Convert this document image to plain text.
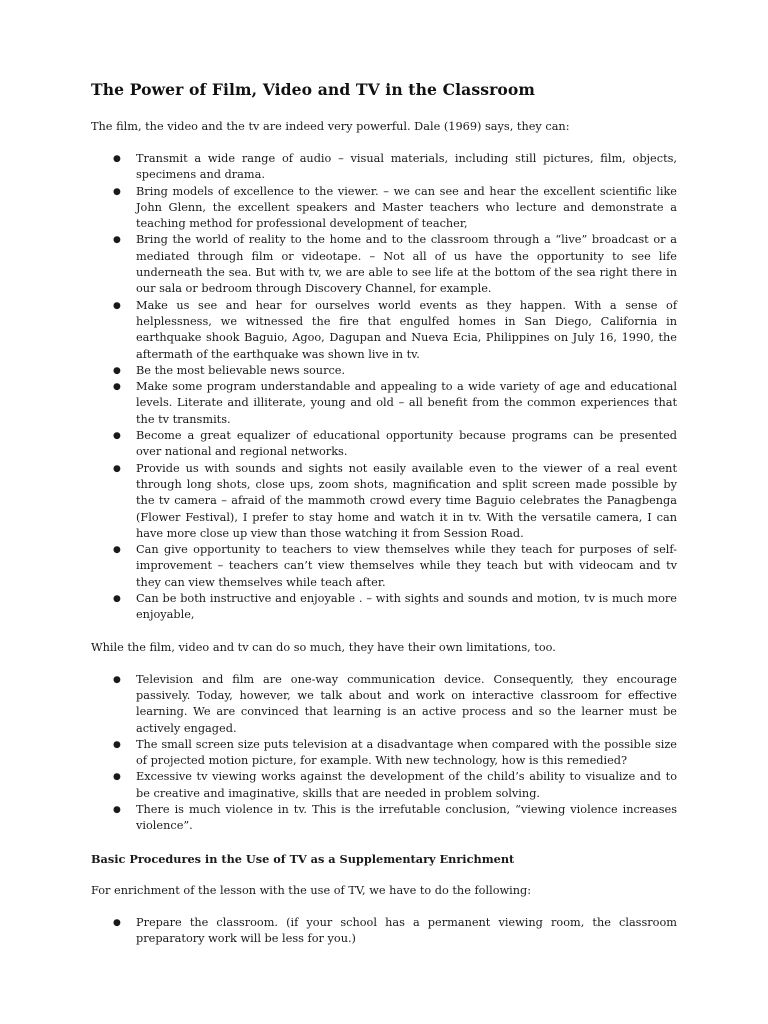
The Power of Film, Video and TV in the Classroom

The film, the video and the tv are indeed very powerful. Dale (1969) says, they can:

● Transmit a wide range of audio – visual materials, including still pictures, film, objects, specimens and drama.
● Bring models of excellence to the viewer. – we can see and hear the excellent scientific like John Glenn, the excellent speakers and Master teachers who lecture and demonstrate a teaching method for professional development of teacher,
● Bring the world of reality to the home and to the classroom through a “live” broadcast or a mediated through film or videotape. – Not all of us have the opportunity to see life underneath the sea. But with tv, we are able to see life at the bottom of the sea right there in our sala or bedroom through Discovery Channel, for example.
● Make us see and hear for ourselves world events as they happen. With a sense of helplessness, we witnessed the fire that engulfed homes in San Diego, California in earthquake shook Baguio, Agoo, Dagupan and Nueva Ecia, Philippines on July 16, 1990, the aftermath of the earthquake was shown live in tv.
● Be the most believable news source.
● Make some program understandable and appealing to a wide variety of age and educational levels. Literate and illiterate, young and old – all benefit from the common experiences that the tv transmits.
● Become a great equalizer of educational opportunity because programs can be presented over national and regional networks.
● Provide us with sounds and sights not easily available even to the viewer of a real event through long shots, close ups, zoom shots, magnification and split screen made possible by the tv camera – afraid of the mammoth crowd every time Baguio celebrates the Panagbenga (Flower Festival), I prefer to stay home and watch it in tv. With the versatile camera, I can have more close up view than those watching it from Session Road.
● Can give opportunity to teachers to view themselves while they teach for purposes of self-improvement – teachers can’t view themselves while they teach but with videocam and tv they can view themselves while teach after.
● Can be both instructive and enjoyable . – with sights and sounds and motion, tv is much more enjoyable,

While the film, video and tv can do so much, they have their own limitations, too.

● Television and film are one-way communication device. Consequently, they encourage passively. Today, however, we talk about and work on interactive classroom for effective learning. We are convinced that learning is an active process and so the learner must be actively engaged.
● The small screen size puts television at a disadvantage when compared with the possible size of projected motion picture, for example. With new technology, how is this remedied?
● Excessive tv viewing works against the development of the child’s ability to visualize and to be creative and imaginative, skills that are needed in problem solving.
● There is much violence in tv. This is the irrefutable conclusion, “viewing violence increases violence”.
Basic Procedures in the Use of TV as a Supplementary Enrichment

For enrichment of the lesson with the use of TV, we have to do the following:

● Prepare the classroom. (if your school has a permanent viewing room, the classroom preparatory work will be less for you.)
